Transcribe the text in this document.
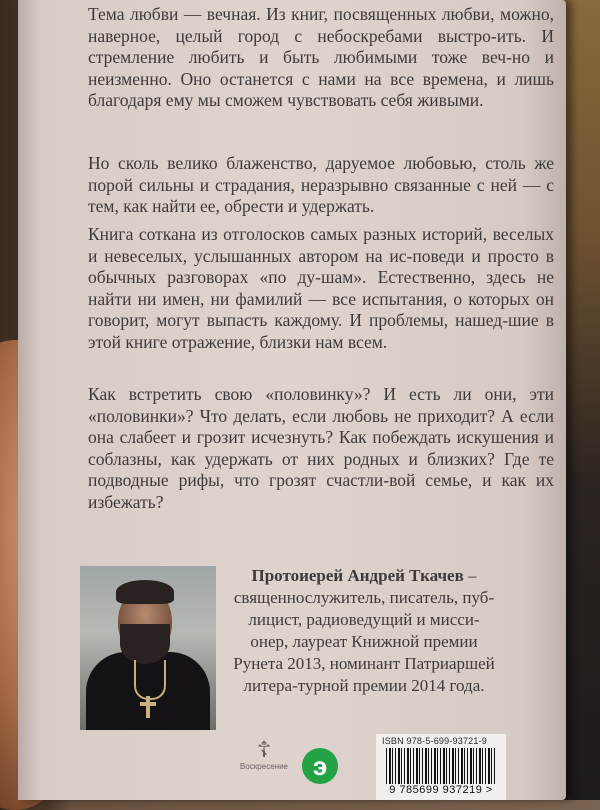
Тема любви — вечная. Из книг, посвященных любви, можно, наверное, целый город с небоскребами выстро-ить. И стремление любить и быть любимыми тоже веч-но и неизменно. Оно останется с нами на все времена, и лишь благодаря ему мы сможем чувствовать себя живыми.
Но сколь велико блаженство, даруемое любовью, столь же порой сильны и страдания, неразрывно связанные с ней — с тем, как найти ее, обрести и удержать.
Книга соткана из отголосков самых разных историй, веселых и невеселых, услышанных автором на ис-поведи и просто в обычных разговорах «по ду-шам». Естественно, здесь не найти ни имен, ни фамилий — все испытания, о которых он говорит, могут выпасть каждому. И проблемы, нашед-шие в этой книге отражение, близки нам всем.
Как встретить свою «половинку»? И есть ли они, эти «половинки»? Что делать, если любовь не приходит? А если она слабеет и грозит исчезнуть? Как побеждать искушения и соблазны, как удержать от них родных и близких? Где те подводные рифы, что грозят счастли-вой семье, и как их избежать?
Протоиерей Андрей Ткачев – священнослужитель, писатель, пуб-лицист, радиоведущий и мисси-онер, лауреат Книжной премии Рунета 2013, номинант Патриаршей литера-турной премии 2014 года.
☦
Воскресение э
ISBN 978-5-699-93721-9
9 785699 937219 >
